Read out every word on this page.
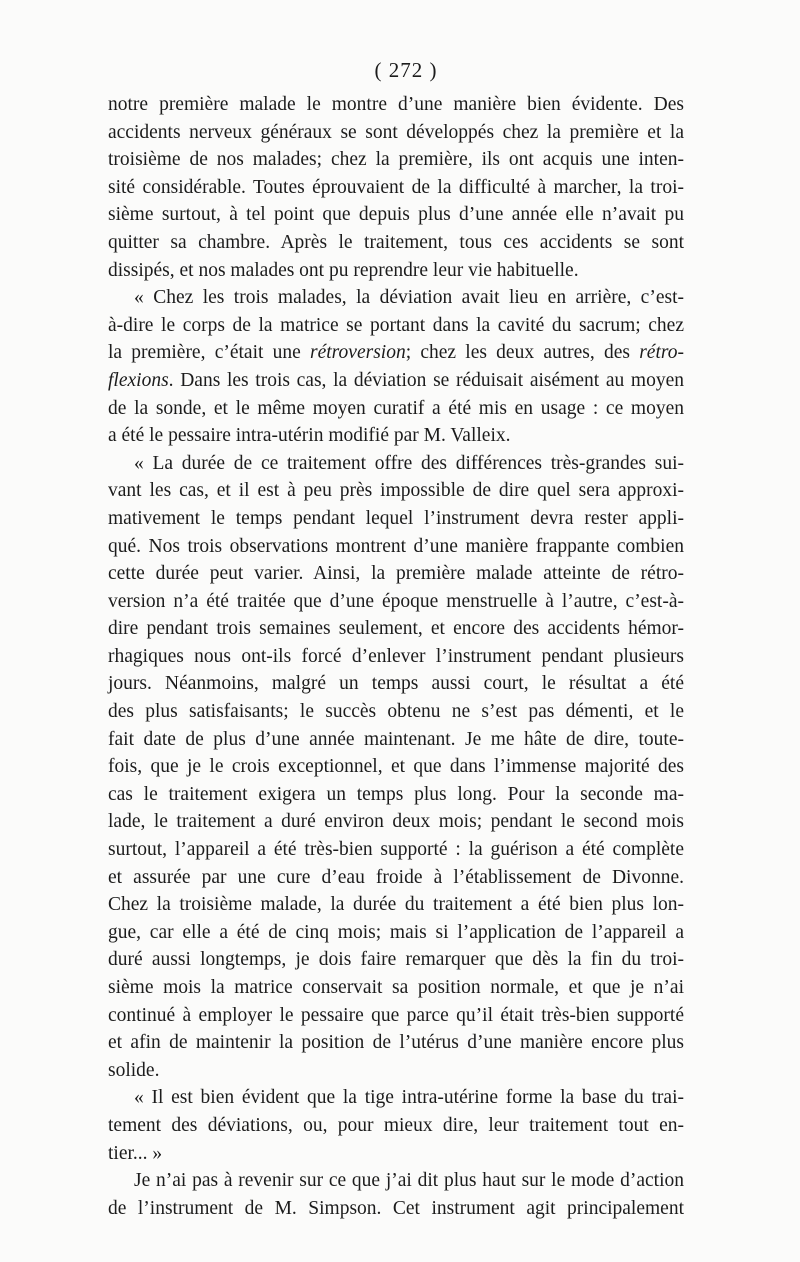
( 272 )

notre première malade le montre d’une manière bien évidente. Des

accidents nerveux généraux se sont développés chez la première et la

troisième de nos malades; chez la première, ils ont acquis une inten-

sité considérable. Toutes éprouvaient de la difficulté à marcher, la troi-

sième surtout, à tel point que depuis plus d’une année elle n’avait pu

quitter sa chambre. Après le traitement, tous ces accidents se sont

dissipés, et nos malades ont pu reprendre leur vie habituelle.

« Chez les trois malades, la déviation avait lieu en arrière, c’est-

à-dire le corps de la matrice se portant dans la cavité du sacrum; chez

la première, c’était une rétroversion; chez les deux autres, des rétro-

flexions. Dans les trois cas, la déviation se réduisait aisément au moyen

de la sonde, et le même moyen curatif a été mis en usage : ce moyen

a été le pessaire intra-utérin modifié par M. Valleix.

« La durée de ce traitement offre des différences très-grandes sui-

vant les cas, et il est à peu près impossible de dire quel sera approxi-

mativement le temps pendant lequel l’instrument devra rester appli-

qué. Nos trois observations montrent d’une manière frappante combien

cette durée peut varier. Ainsi, la première malade atteinte de rétro-

version n’a été traitée que d’une époque menstruelle à l’autre, c’est-à-

dire pendant trois semaines seulement, et encore des accidents hémor-

rhagiques nous ont-ils forcé d’enlever l’instrument pendant plusieurs

jours. Néanmoins, malgré un temps aussi court, le résultat a été

des plus satisfaisants; le succès obtenu ne s’est pas démenti, et le

fait date de plus d’une année maintenant. Je me hâte de dire, toute-

fois, que je le crois exceptionnel, et que dans l’immense majorité des

cas le traitement exigera un temps plus long. Pour la seconde ma-

lade, le traitement a duré environ deux mois; pendant le second mois

surtout, l’appareil a été très-bien supporté : la guérison a été complète

et assurée par une cure d’eau froide à l’établissement de Divonne.

Chez la troisième malade, la durée du traitement a été bien plus lon-

gue, car elle a été de cinq mois; mais si l’application de l’appareil a

duré aussi longtemps, je dois faire remarquer que dès la fin du troi-

sième mois la matrice conservait sa position normale, et que je n’ai

continué à employer le pessaire que parce qu’il était très-bien supporté

et afin de maintenir la position de l’utérus d’une manière encore plus

solide.

« Il est bien évident que la tige intra-utérine forme la base du trai-

tement des déviations, ou, pour mieux dire, leur traitement tout en-

tier... »

Je n’ai pas à revenir sur ce que j’ai dit plus haut sur le mode d’action

de l’instrument de M. Simpson. Cet instrument agit principalement
